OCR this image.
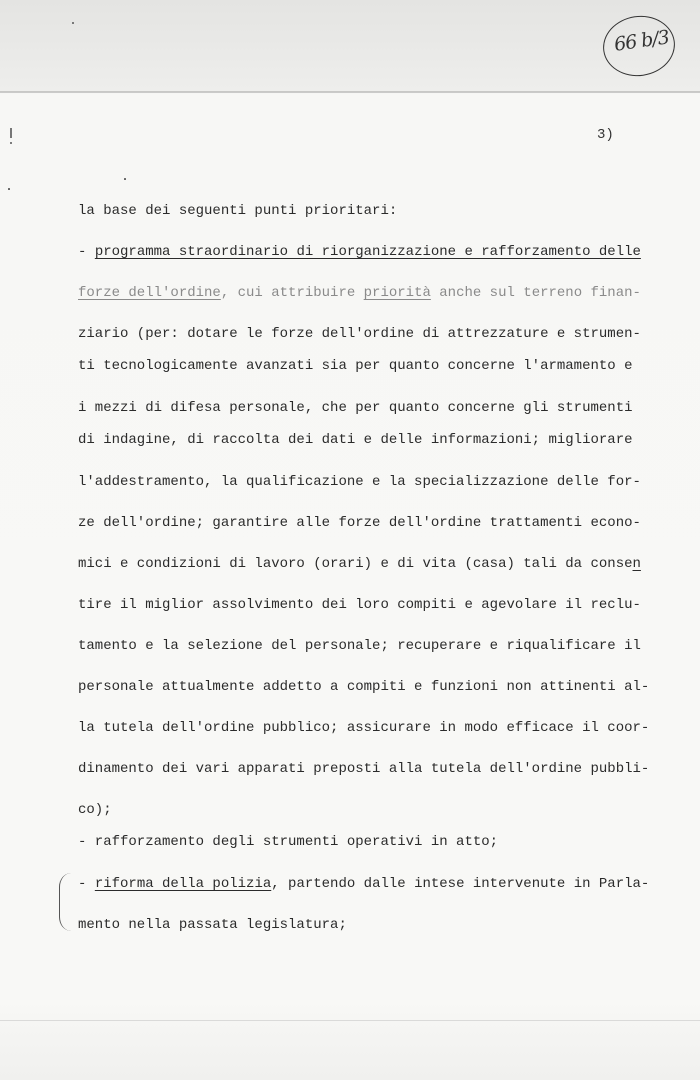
66 b/3
3)
la base dei seguenti punti prioritari:
- programma straordinario di riorganizzazione e rafforzamento delle
forze dell'ordine, cui attribuire priorità anche sul terreno finan-
ziario (per: dotare le forze dell'ordine di attrezzature e strumen-
ti tecnologicamente avanzati sia per quanto concerne l'armamento e
i mezzi di difesa personale, che per quanto concerne gli strumenti
di indagine, di raccolta dei dati e delle informazioni; migliorare
l'addestramento, la qualificazione e la specializzazione delle for-
ze dell'ordine; garantire alle forze dell'ordine trattamenti econo-
mici e condizioni di lavoro (orari) e di vita (casa) tali da consen
tire il miglior assolvimento dei loro compiti e agevolare il reclu-
tamento e la selezione del personale; recuperare e riqualificare il
personale attualmente addetto a compiti e funzioni non attinenti al-
la tutela dell'ordine pubblico; assicurare in modo efficace il coor-
dinamento dei vari apparati preposti alla tutela dell'ordine pubbli-
co);
- rafforzamento degli strumenti operativi in atto;
- riforma della polizia, partendo dalle intese intervenute in Parla-
mento nella passata legislatura;
